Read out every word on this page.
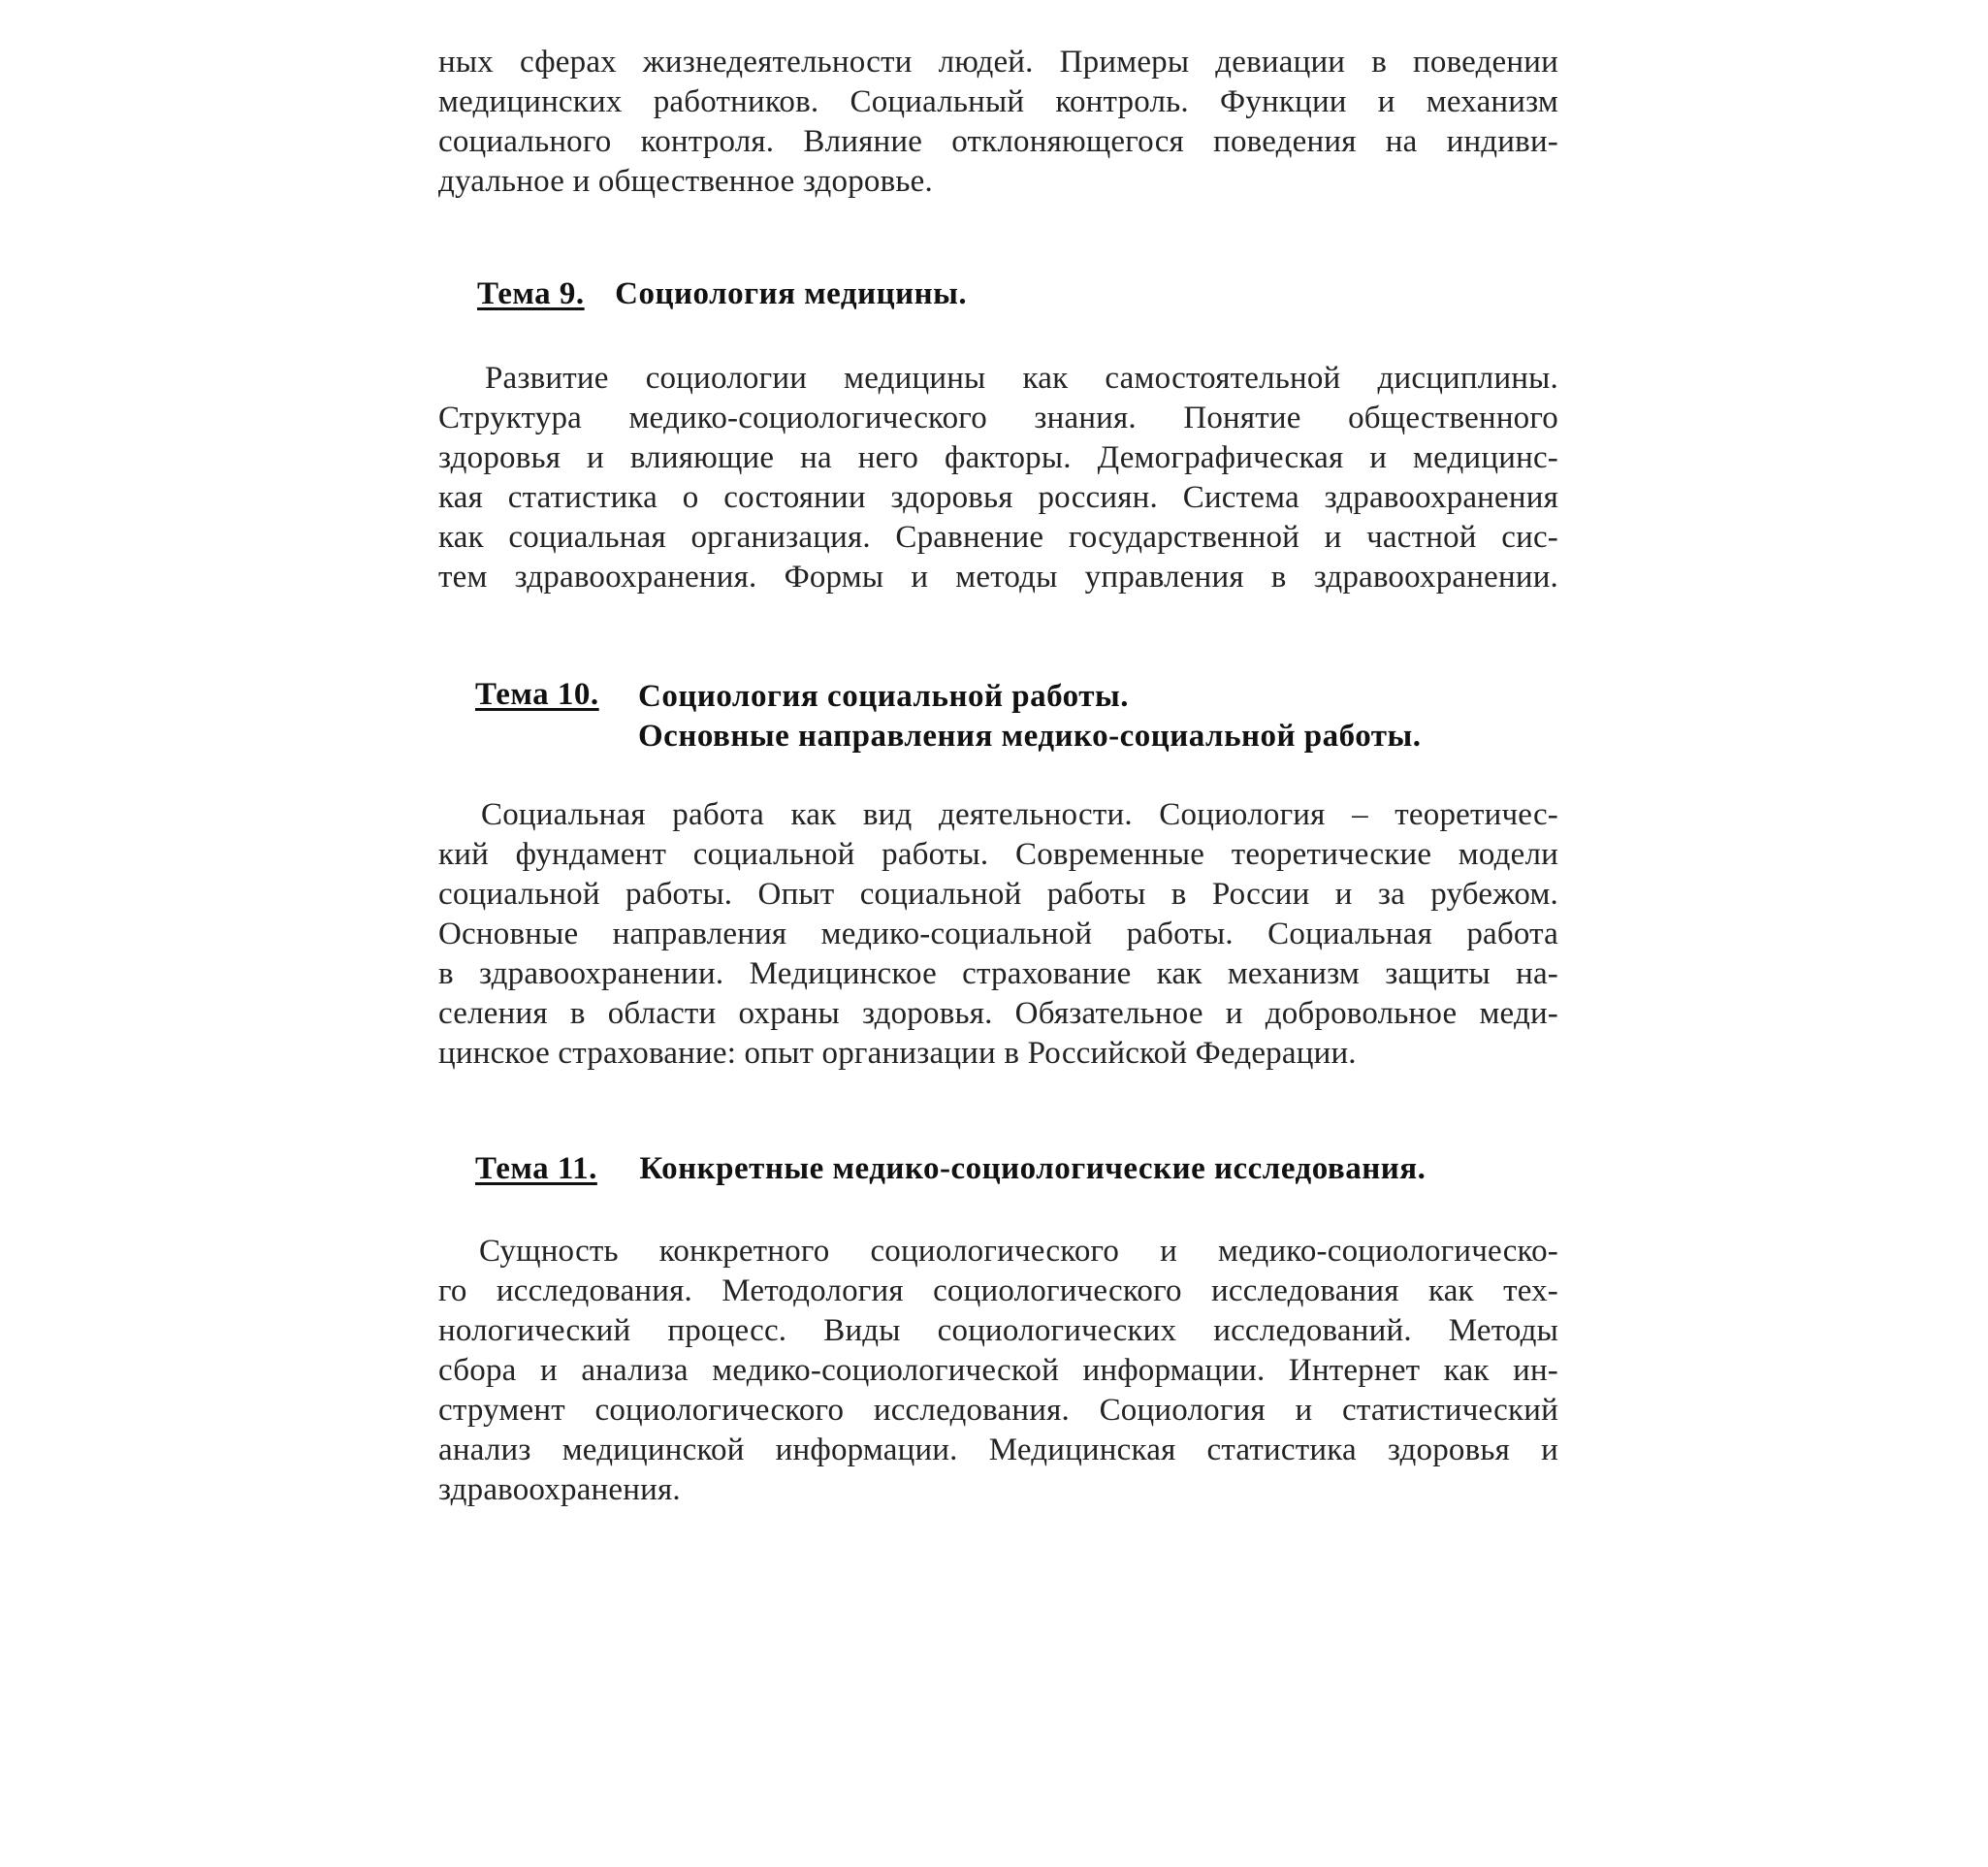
ных сферах жизнедеятельности людей. Примеры девиации в поведении
медицинских работников. Социальный контроль. Функции и механизм
социального контроля. Влияние отклоняющегося поведения на индиви-
дуальное и общественное здоровье.
Тема 9. Социология медицины.
Развитие социологии медицины как самостоятельной дисциплины.
Структура медико-социологического знания. Понятие общественного
здоровья и влияющие на него факторы. Демографическая и медицинс-
кая статистика о состоянии здоровья россиян. Система здравоохранения
как социальная организация. Сравнение государственной и частной сис-
тем здравоохранения. Формы и методы управления в здравоохранении.
Тема 10. Социология социальной работы.
Основные направления медико-социальной работы.
Социальная работа как вид деятельности. Социология – теоретичес-
кий фундамент социальной работы. Современные теоретические модели
социальной работы. Опыт социальной работы в России и за рубежом.
Основные направления медико-социальной работы. Социальная работа
в здравоохранении. Медицинское страхование как механизм защиты на-
селения в области охраны здоровья. Обязательное и добровольное меди-
цинское страхование: опыт организации в Российской Федерации.
Тема 11. Конкретные медико-социологические исследования.
Сущность конкретного социологического и медико-социологическо-
го исследования. Методология социологического исследования как тех-
нологический процесс. Виды социологических исследований. Методы
сбора и анализа медико-социологической информации. Интернет как ин-
струмент социологического исследования. Социология и статистический
анализ медицинской информации. Медицинская статистика здоровья и
здравоохранения.
